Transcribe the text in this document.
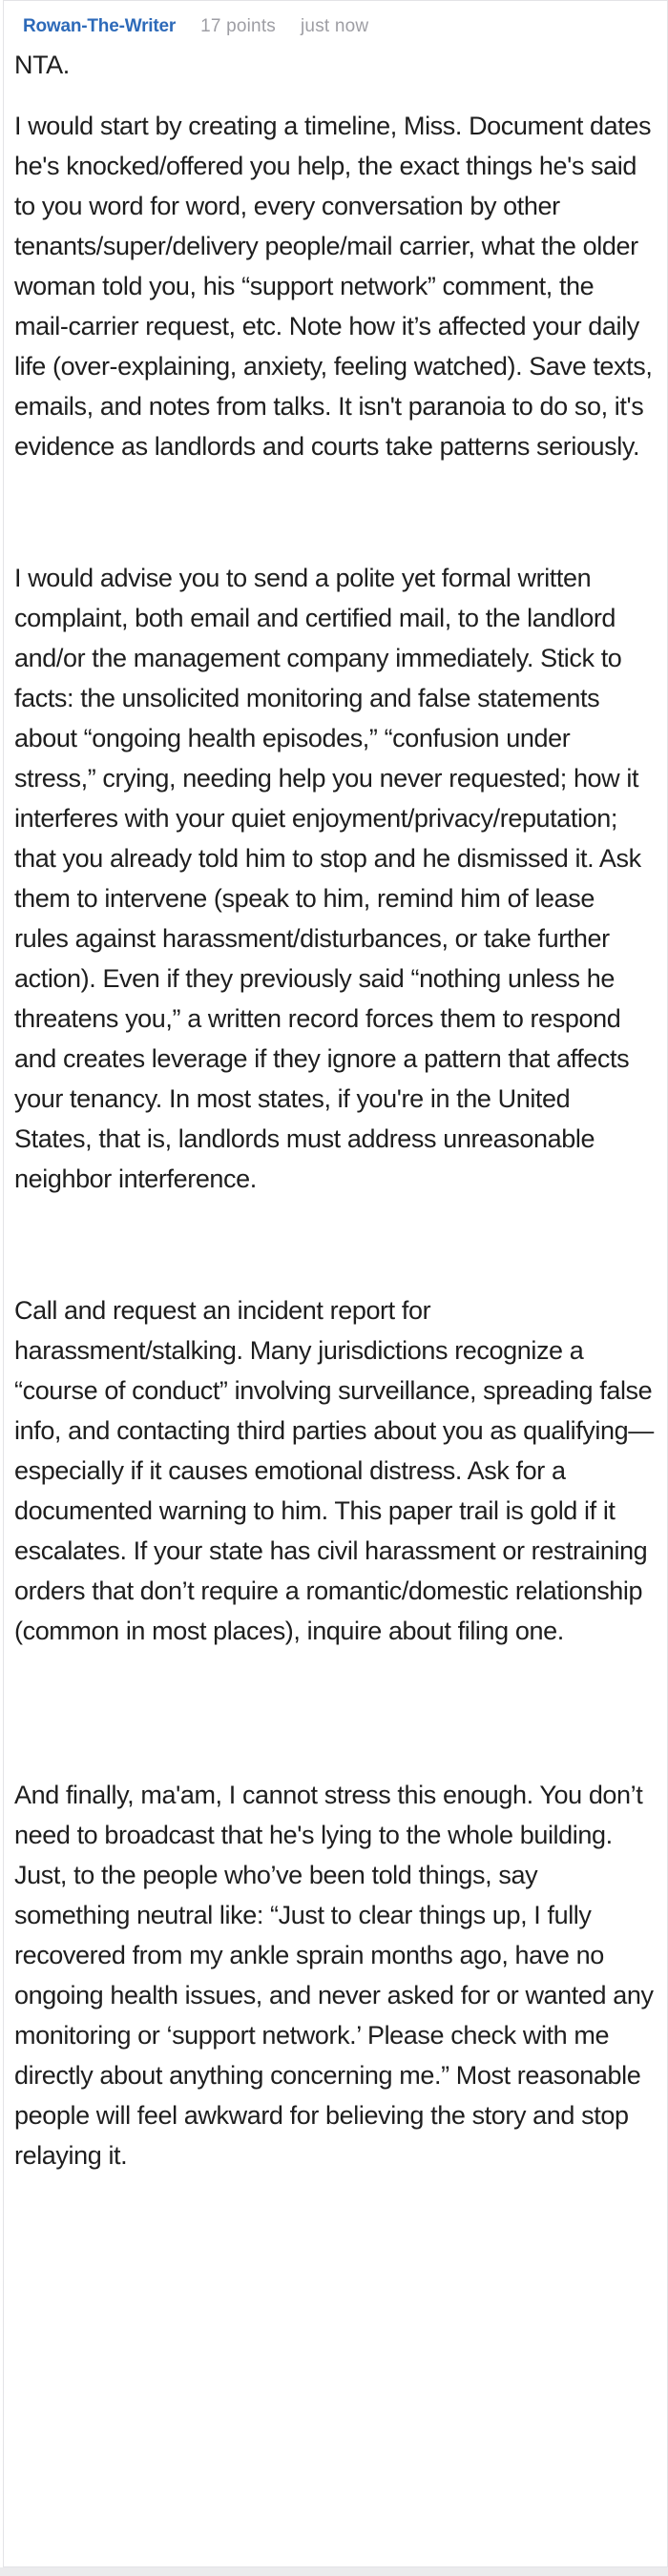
Rowan-The-Writer 17 points just now

NTA.

I would start by creating a timeline, Miss. Document dates he's knocked/offered you help, the exact things he's said to you word for word, every conversation by other tenants/super/delivery people/mail carrier, what the older woman told you, his “support network” comment, the mail-carrier request, etc. Note how it’s affected your daily life (over-explaining, anxiety, feeling watched). Save texts, emails, and notes from talks. It isn't paranoia to do so, it's evidence as landlords and courts take patterns seriously.

I would advise you to send a polite yet formal written complaint, both email and certified mail, to the landlord and/or the management company immediately. Stick to facts: the unsolicited monitoring and false statements about “ongoing health episodes,” “confusion under stress,” crying, needing help you never requested; how it interferes with your quiet enjoyment/privacy/reputation; that you already told him to stop and he dismissed it. Ask them to intervene (speak to him, remind him of lease rules against harassment/disturbances, or take further action). Even if they previously said “nothing unless he threatens you,” a written record forces them to respond and creates leverage if they ignore a pattern that affects your tenancy. In most states, if you're in the United States, that is, landlords must address unreasonable neighbor interference.

Call and request an incident report for harassment/stalking. Many jurisdictions recognize a “course of conduct” involving surveillance, spreading false info, and contacting third parties about you as qualifying—especially if it causes emotional distress. Ask for a documented warning to him. This paper trail is gold if it escalates. If your state has civil harassment or restraining orders that don’t require a romantic/domestic relationship (common in most places), inquire about filing one.

And finally, ma'am, I cannot stress this enough. You don’t need to broadcast that he's lying to the whole building. Just, to the people who’ve been told things, say something neutral like: “Just to clear things up, I fully recovered from my ankle sprain months ago, have no ongoing health issues, and never asked for or wanted any monitoring or ‘support network.’ Please check with me directly about anything concerning me.” Most reasonable people will feel awkward for believing the story and stop relaying it.
